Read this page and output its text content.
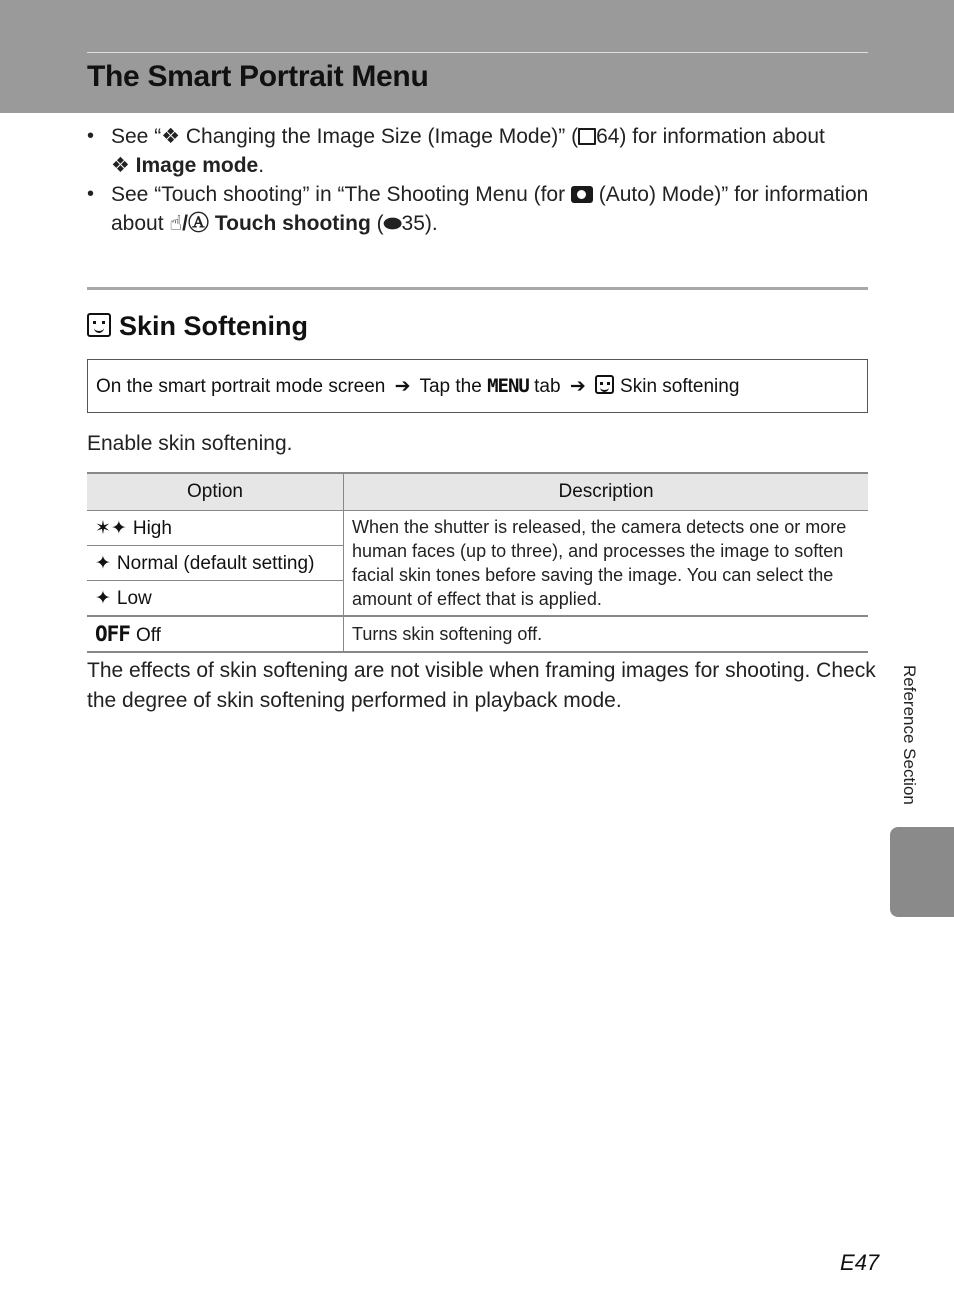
The Smart Portrait Menu
• See “❖ Changing the Image Size (Image Mode)” ( 64) for information about
❖ Image mode.
• See “Touch shooting” in “The Shooting Menu (for  (Auto) Mode)” for information about ☝/Ⓐ Touch shooting (⬬35).
Skin Softening
On the smart portrait mode screen ➔ Tap the MENU tab ➔ Skin softening

Enable skin softening.

Option	Description
✶✦ High	When the shutter is released, the camera detects one or more human faces (up to three), and processes the image to soften facial skin tones before saving the image. You can select the amount of effect that is applied.
✦ Normal (default setting)	
✦ Low	
OFF Off	Turns skin softening off.

The effects of skin softening are not visible when framing images for shooting. Check the degree of skin softening performed in playback mode.	Reference Section
E47
